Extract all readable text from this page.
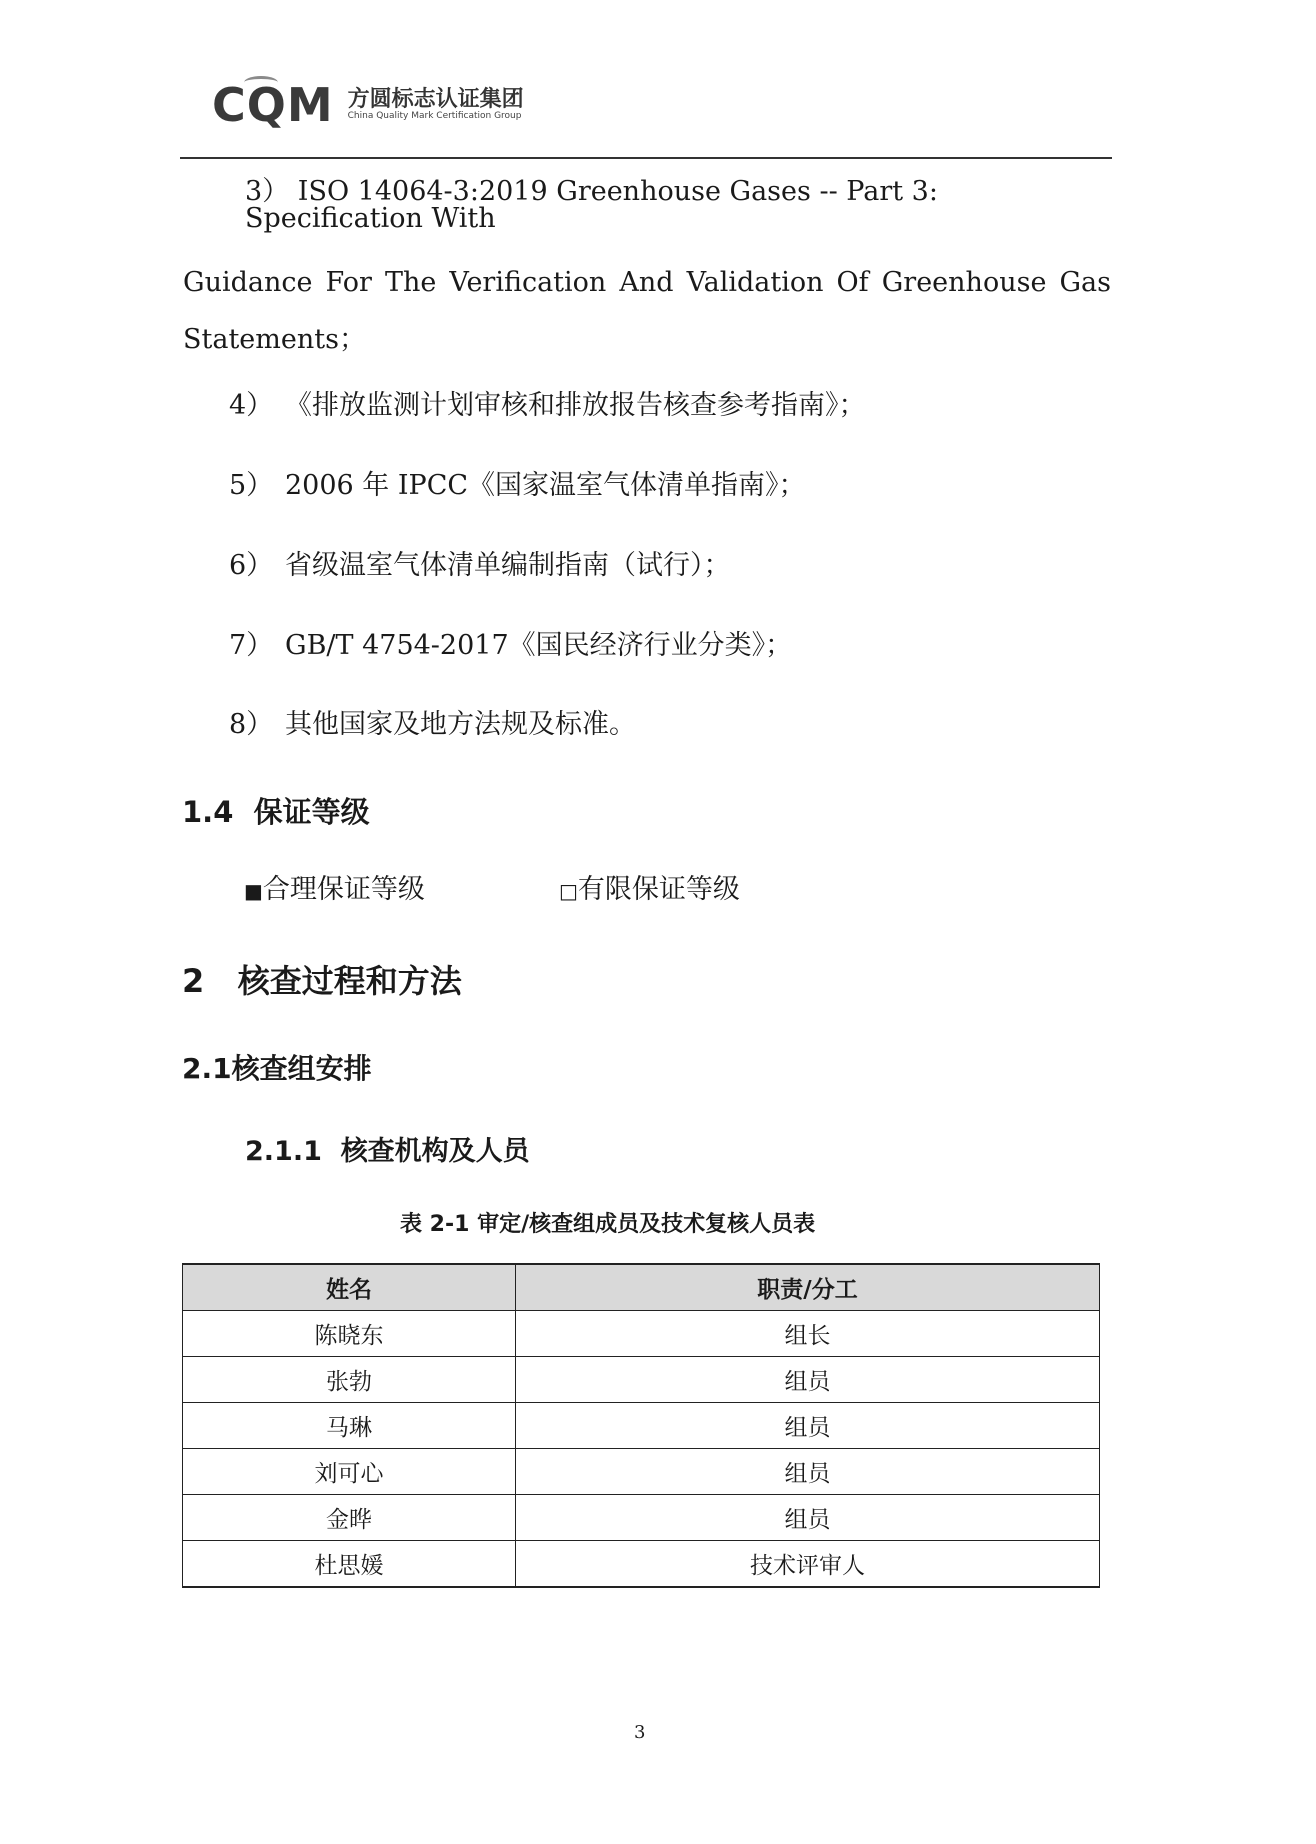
CQM 方圆标志认证集团
China Quality Mark Certification Group
3） ISO 14064-3:2019 Greenhouse Gases -- Part 3: Specification With
Guidance For The Verification And Validation Of Greenhouse Gas
Statements；
4） 《排放监测计划审核和排放报告核查参考指南》；
5） 2006 年 IPCC《国家温室气体清单指南》；
6） 省级温室气体清单编制指南（试行）；
7） GB/T 4754-2017《国民经济行业分类》；
8） 其他国家及地方法规及标准。
1.4 保证等级
■合理保证等级	□有限保证等级
2 核查过程和方法
2.1核查组安排
2.1.1 核查机构及人员
表 2-1 审定/核查组成员及技术复核人员表
姓名	职责/分工
陈晓东	组长
张勃	组员
马琳	组员
刘可心	组员
金晔	组员
杜思媛	技术评审人
3
